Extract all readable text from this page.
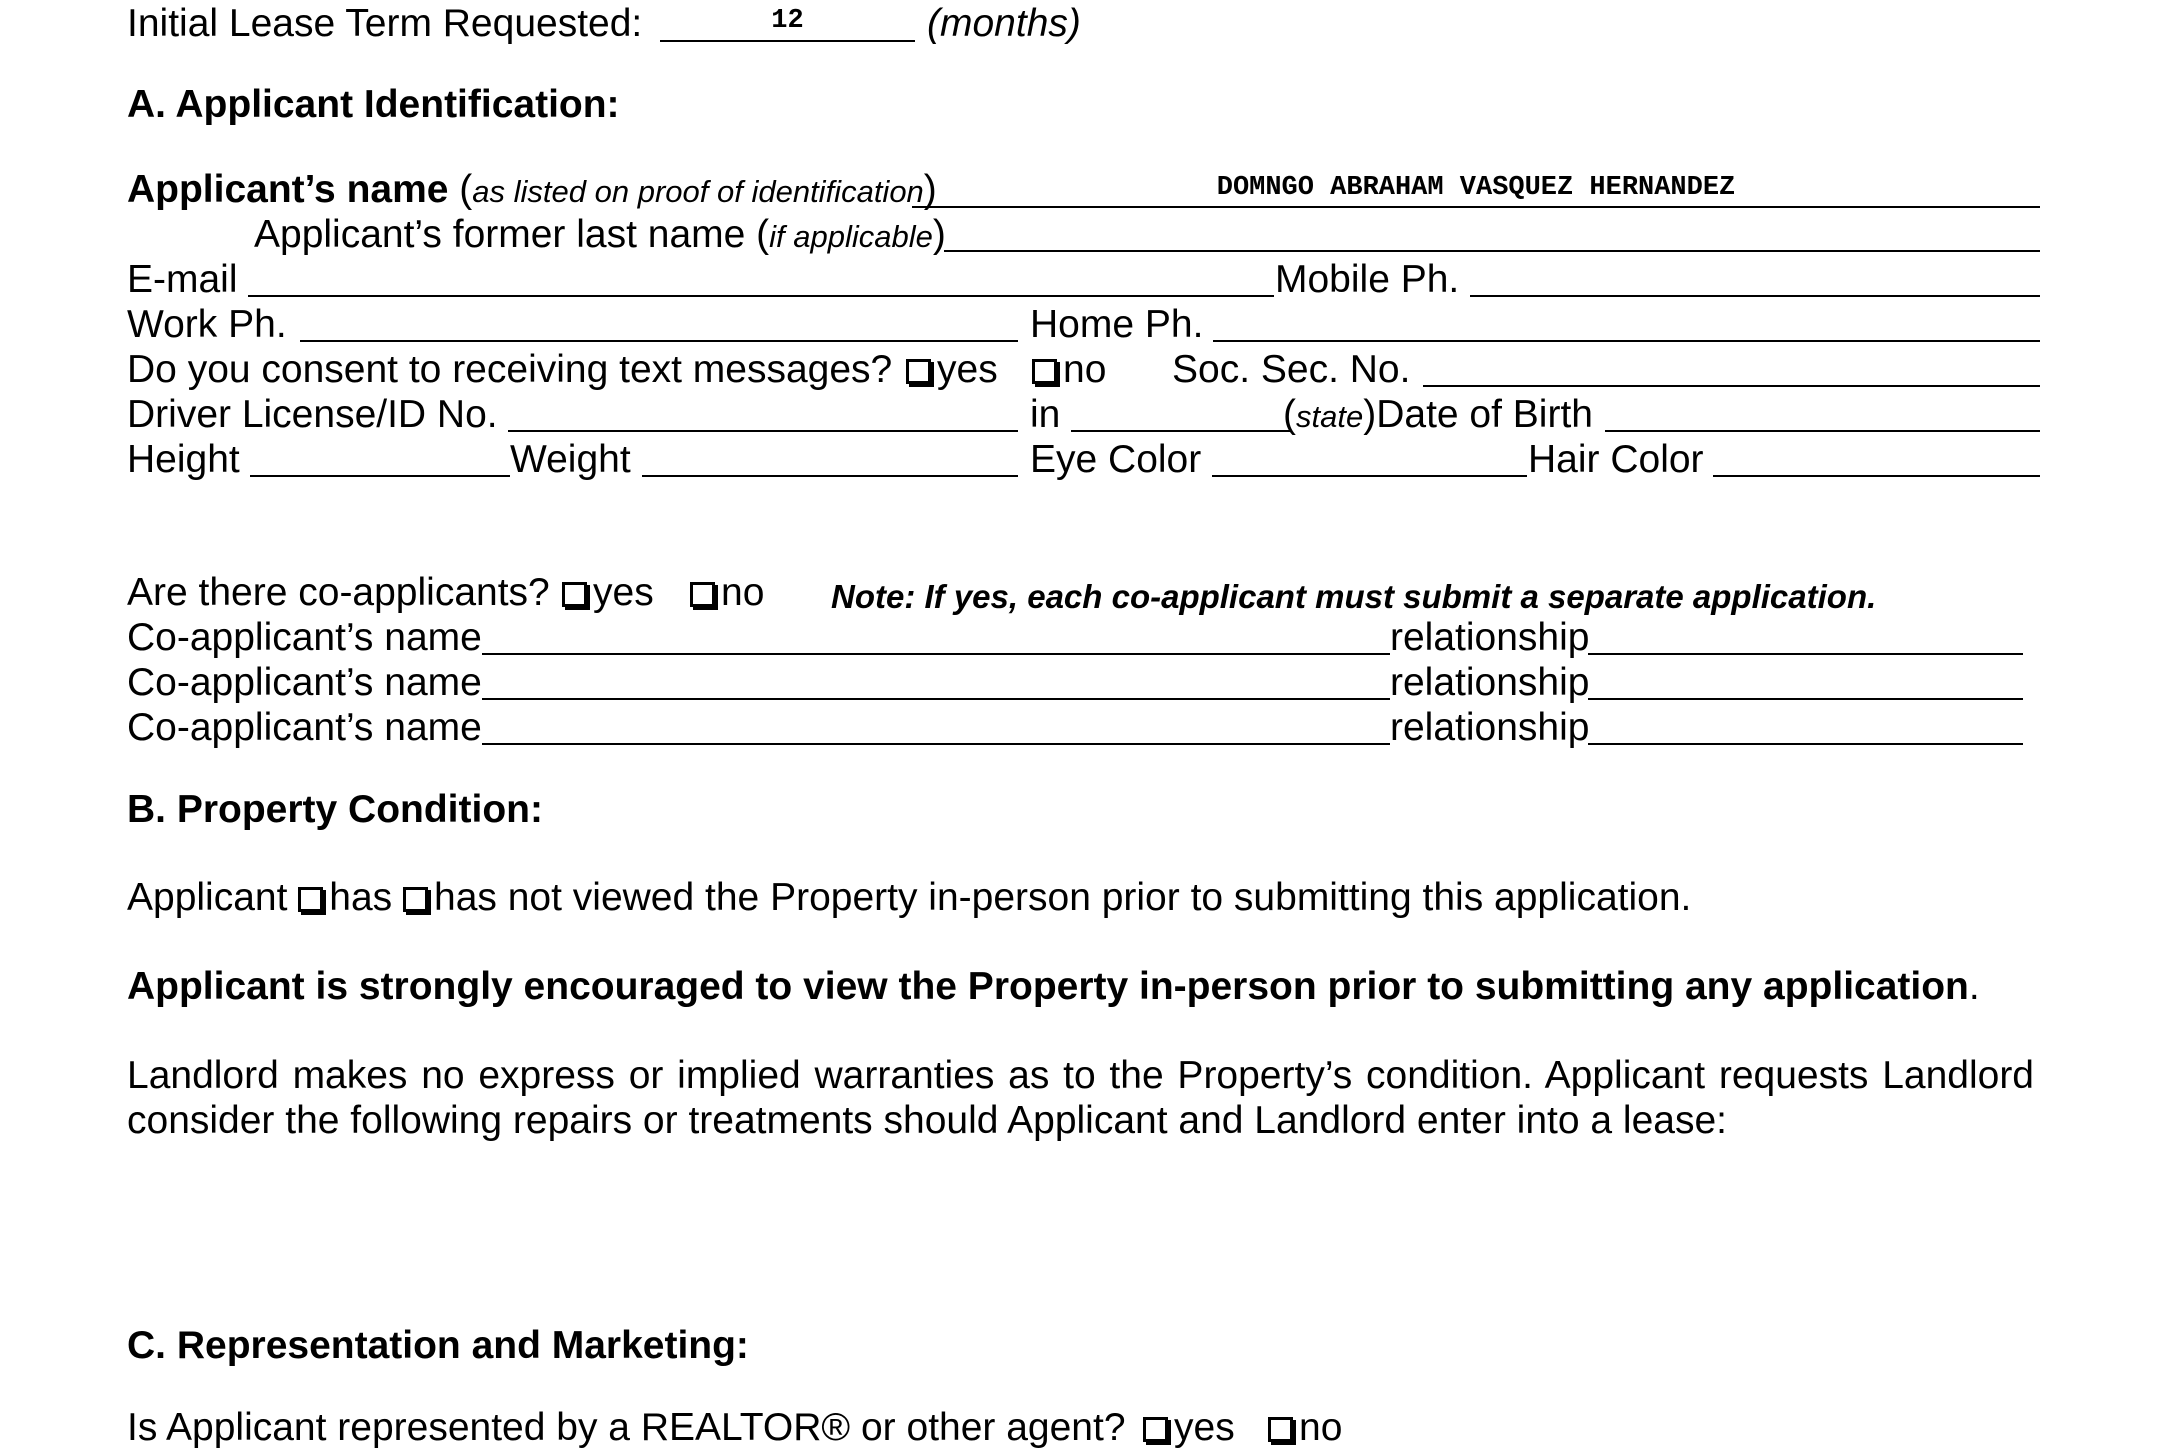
Initial Lease Term Requested:	12	(months)
A. Applicant Identification:
Applicant’s name (as listed on proof of identification)	DOMNGO ABRAHAM VASQUEZ HERNANDEZ
Applicant’s former last name (if applicable)
E-mail	Mobile Ph.
Work Ph.	Home Ph.
Do you consent to receiving text messages?	yes	no Soc. Sec. No.
Driver License/ID No.	in	(state)Date of Birth
Height	Weight	Eye Color	Hair Color
Are there co-applicants?	yes	no Note: If yes, each co-applicant must submit a separate application.
Co-applicant’s name	relationship
Co-applicant’s name	relationship
Co-applicant’s name	relationship
B. Property Condition:
Applicant has has not viewed the Property in-person prior to submitting this application.
Applicant is strongly encouraged to view the Property in-person prior to submitting any application.
Landlord makes no express or implied warranties as to the Property’s condition. Applicant requests Landlord consider the following repairs or treatments should Applicant and Landlord enter into a lease:
C. Representation and Marketing:
Is Applicant represented by a REALTOR® or other agent?	yes	no
